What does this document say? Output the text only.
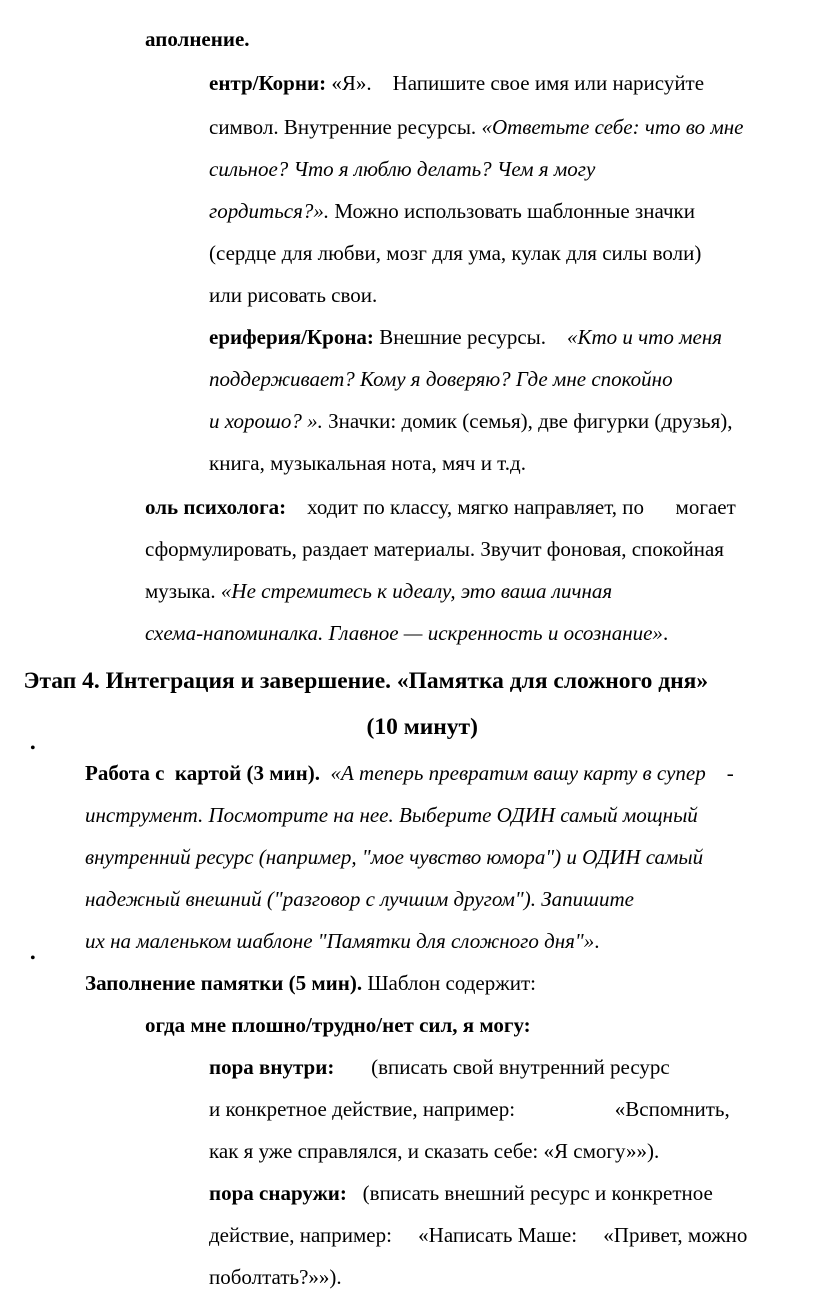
аполнение.

ентр/Корни: «Я».    Напишите свое имя или нарисуйте

символ. Внутренние ресурсы. «Ответьте себе: что во мне

сильное? Что я люблю делать? Чем я могу

гордиться?». Можно использовать шаблонные значки

(сердце для любви, мозг для ума, кулак для силы воли)

или рисовать свои.

ериферия/Крона: Внешние ресурсы.    «Кто и что меня

поддерживает? Кому я доверяю? Где мне спокойно

и хорошо? ». Значки: домик (семья), две фигурки (друзья),

книга, музыкальная нота, мяч и т.д.

оль психолога:    ходит по классу, мягко направляет, по      могает

сформулировать, раздает материалы. Звучит фоновая, спокойная

музыка. «Не стремитесь к идеалу, это ваша личная

схема-напоминалка. Главное — искренность и осознание».

Этап 4. Интеграция и завершение. «Памятка для сложного дня»

(10 минут)

•

Работа с  картой (3 мин).  «А теперь превратим вашу карту в супер    -

инструмент. Посмотрите на нее. Выберите ОДИН самый мощный

внутренний ресурс (например, "мое чувство юмора") и ОДИН самый

надежный внешний ("разговор с лучшим другом"). Запишите

их на маленьком шаблоне "Памятки для сложного дня"».

•

Заполнение памятки (5 мин). Шаблон содержит:

огда мне плошно/трудно/нет сил, я могу:

пора внутри:       (вписать свой внутренний ресурс

и конкретное действие, например:                   «Вспомнить,

как я уже справлялся, и сказать себе: «Я смогу»»).

пора снаружи:   (вписать внешний ресурс и конкретное

действие, например:     «Написать Маше:     «Привет, можно

поболтать?»»).
